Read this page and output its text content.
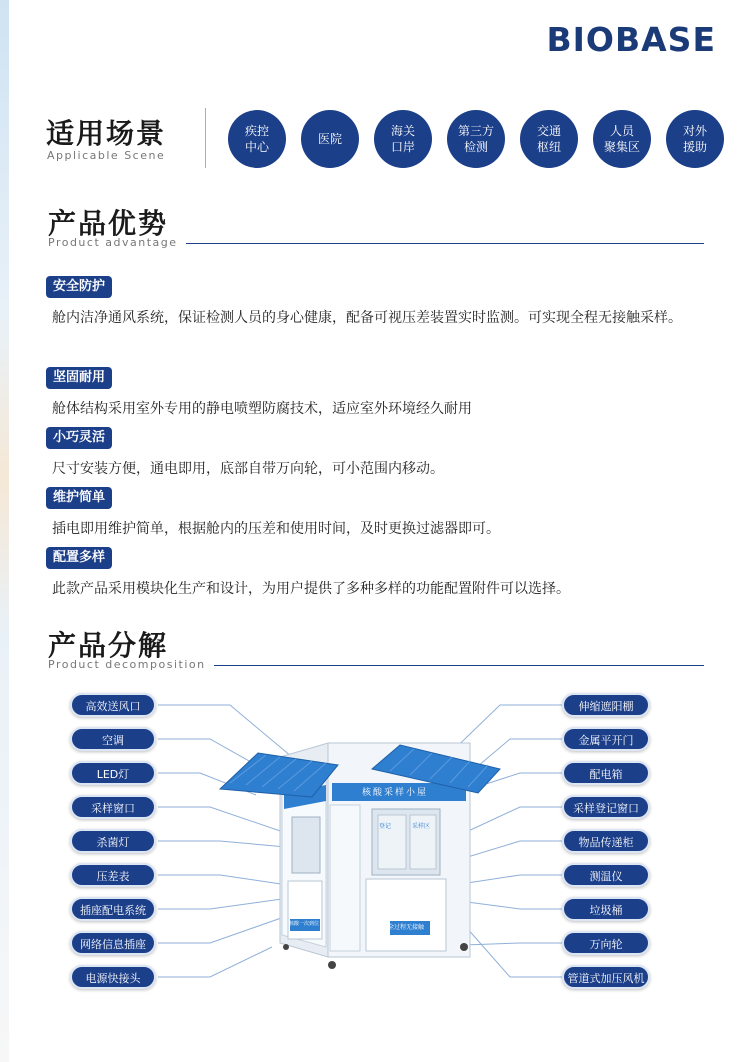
BIOBASE
适用场景
Applicable Scene
疾控
中心
医院
海关
口岸
第三方
检测
交通
枢纽
人员
聚集区
对外
援助
产品优势
Product advantage
安全防护
舱内洁净通风系统，保证检测人员的身心健康，配备可视压差装置实时监测。可实现全程无接触采样。
坚固耐用
舱体结构采用室外专用的静电喷塑防腐技术，适应室外环境经久耐用
小巧灵活
尺寸安装方便，通电即用，底部自带万向轮，可小范围内移动。
维护简单
插电即用维护简单，根据舱内的压差和使用时间，及时更换过滤器即可。
配置多样
此款产品采用模块化生产和设计，为用户提供了多种多样的功能配置附件可以选择。
产品分解
Product decomposition
核酸采样小屋
全过程无接触
核酸一次到位
登记	采样区
高效送风口
空调
LED灯
采样窗口
杀菌灯
压差表
插座配电系统
网络信息插座
电源快接头
伸缩遮阳棚
金属平开门
配电箱
采样登记窗口
物品传递柜
测温仪
垃圾桶
万向轮
管道式加压风机
